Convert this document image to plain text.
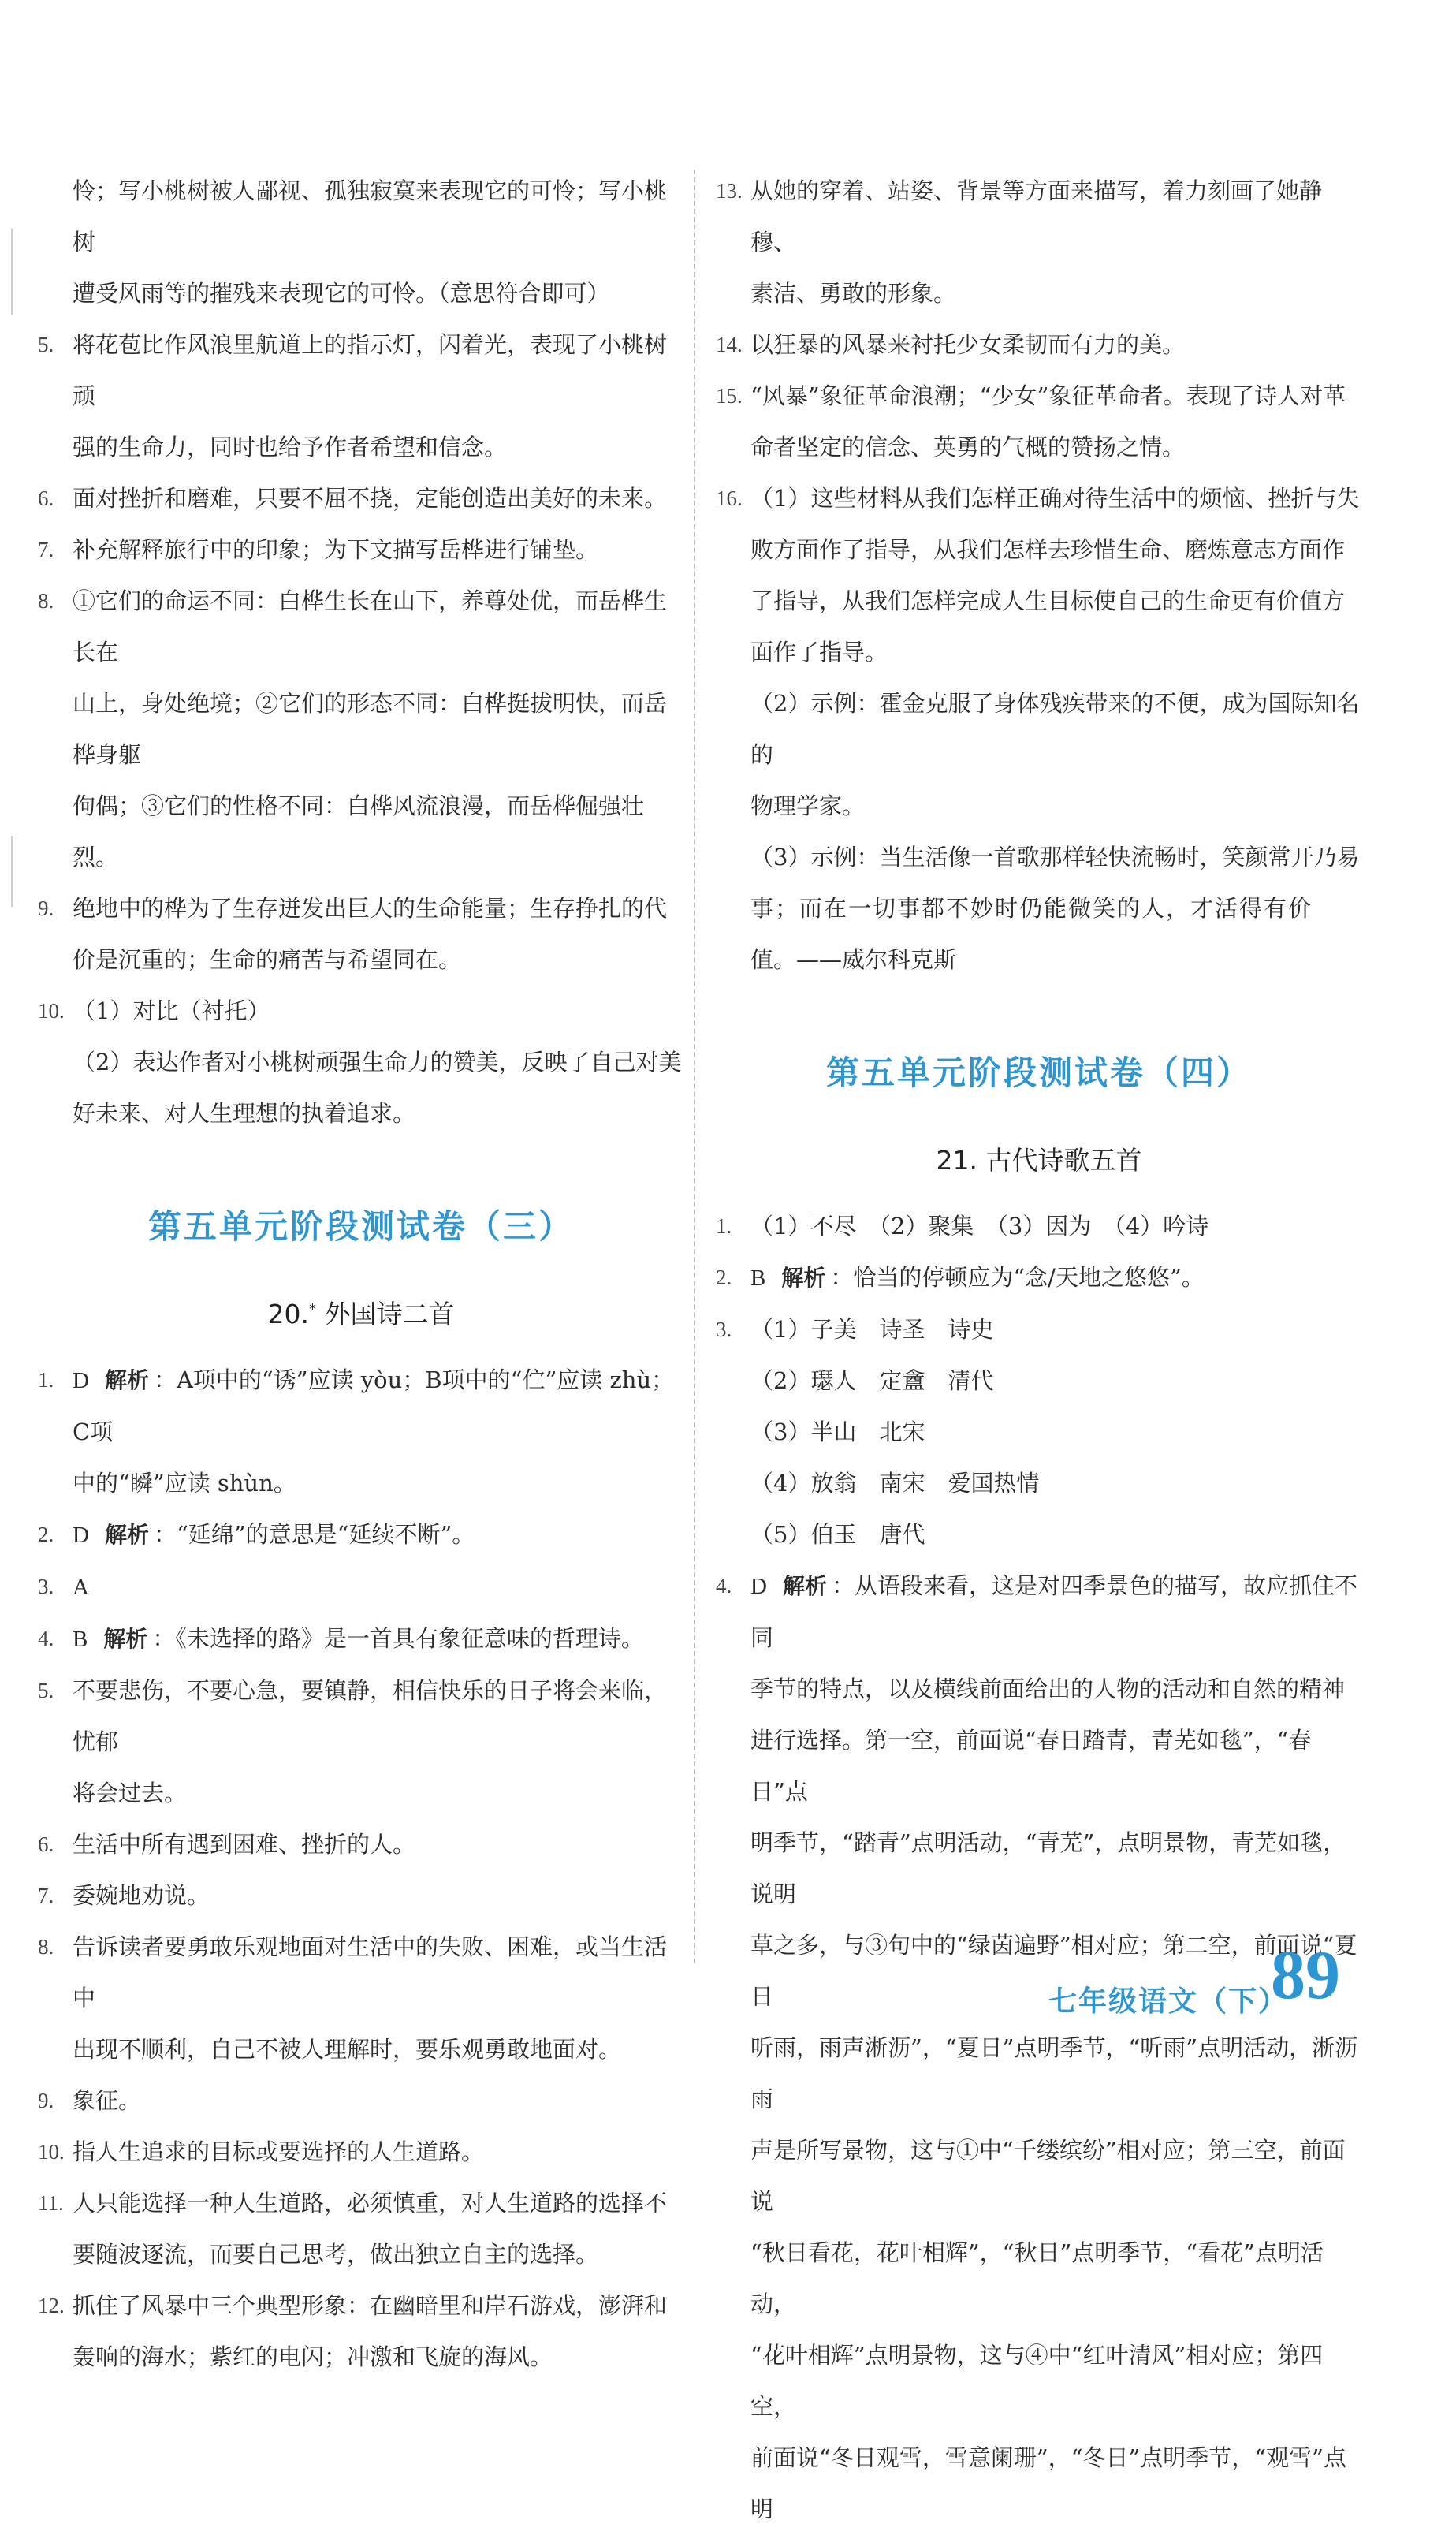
怜；写小桃树被人鄙视、孤独寂寞来表现它的可怜；写小桃树
遭受风雨等的摧残来表现它的可怜。（意思符合即可）
5. 将花苞比作风浪里航道上的指示灯，闪着光，表现了小桃树顽
强的生命力，同时也给予作者希望和信念。
6. 面对挫折和磨难，只要不屈不挠，定能创造出美好的未来。
7. 补充解释旅行中的印象；为下文描写岳桦进行铺垫。
8. ①它们的命运不同：白桦生长在山下，养尊处优，而岳桦生长在
山上，身处绝境；②它们的形态不同：白桦挺拔明快，而岳桦身躯
佝偶；③它们的性格不同：白桦风流浪漫，而岳桦倔强壮烈。
9. 绝地中的桦为了生存迸发出巨大的生命能量；生存挣扎的代
价是沉重的；生命的痛苦与希望同在。
10. （1）对比（衬托）
（2）表达作者对小桃树顽强生命力的赞美，反映了自己对美
好未来、对人生理想的执着追求。
第五单元阶段测试卷（三）
20.* 外国诗二首
1. D 解析 ：A项中的“诱”应读 yòu；B项中的“伫”应读 zhù；C项
中的“瞬”应读 shùn。
2. D 解析 ：“延绵”的意思是“延续不断”。
3. A
4. B 解析 ：《未选择的路》是一首具有象征意味的哲理诗。
5. 不要悲伤，不要心急，要镇静，相信快乐的日子将会来临，忧郁
将会过去。
6. 生活中所有遇到困难、挫折的人。
7. 委婉地劝说。
8. 告诉读者要勇敢乐观地面对生活中的失败、困难，或当生活中
出现不顺利，自己不被人理解时，要乐观勇敢地面对。
9. 象征。
10. 指人生追求的目标或要选择的人生道路。
11. 人只能选择一种人生道路，必须慎重，对人生道路的选择不
要随波逐流，而要自己思考，做出独立自主的选择。
12. 抓住了风暴中三个典型形象：在幽暗里和岸石游戏，澎湃和
轰响的海水；紫红的电闪；冲激和飞旋的海风。
13. 从她的穿着、站姿、背景等方面来描写，着力刻画了她静穆、
素洁、勇敢的形象。
14. 以狂暴的风暴来衬托少女柔韧而有力的美。
15. “风暴”象征革命浪潮；“少女”象征革命者。表现了诗人对革
命者坚定的信念、英勇的气概的赞扬之情。
16. （1）这些材料从我们怎样正确对待生活中的烦恼、挫折与失
败方面作了指导，从我们怎样去珍惜生命、磨炼意志方面作
了指导，从我们怎样完成人生目标使自己的生命更有价值方
面作了指导。
（2）示例：霍金克服了身体残疾带来的不便，成为国际知名的
物理学家。
（3）示例：当生活像一首歌那样轻快流畅时，笑颜常开乃易
事；而在一切事都不妙时仍能微笑的人，才活得有价
值。——威尔科克斯
第五单元阶段测试卷（四）
21. 古代诗歌五首
1. （1）不尽　（2）聚集　（3）因为　（4）吟诗
2. B 解析 ：恰当的停顿应为“念/天地之悠悠”。
3. （1）子美　诗圣　诗史
（2）璱人　定盦　清代
（3）半山　北宋
（4）放翁　南宋　爱国热情
（5）伯玉　唐代
4. D 解析 ：从语段来看，这是对四季景色的描写，故应抓住不同
季节的特点，以及横线前面给出的人物的活动和自然的精神
进行选择。第一空，前面说“春日踏青，青芜如毯”，“春日”点
明季节，“踏青”点明活动，“青芜”，点明景物，青芜如毯，说明
草之多，与③句中的“绿茵遍野”相对应；第二空，前面说“夏日
听雨，雨声淅沥”，“夏日”点明季节，“听雨”点明活动，淅沥雨
声是所写景物，这与①中“千缕缤纷”相对应；第三空，前面说
“秋日看花，花叶相辉”，“秋日”点明季节，“看花”点明活动，
“花叶相辉”点明景物，这与④中“红叶清风”相对应；第四空，
前面说“冬日观雪，雪意阑珊”，“冬日”点明季节，“观雪”点明
89
七年级语文（下）
